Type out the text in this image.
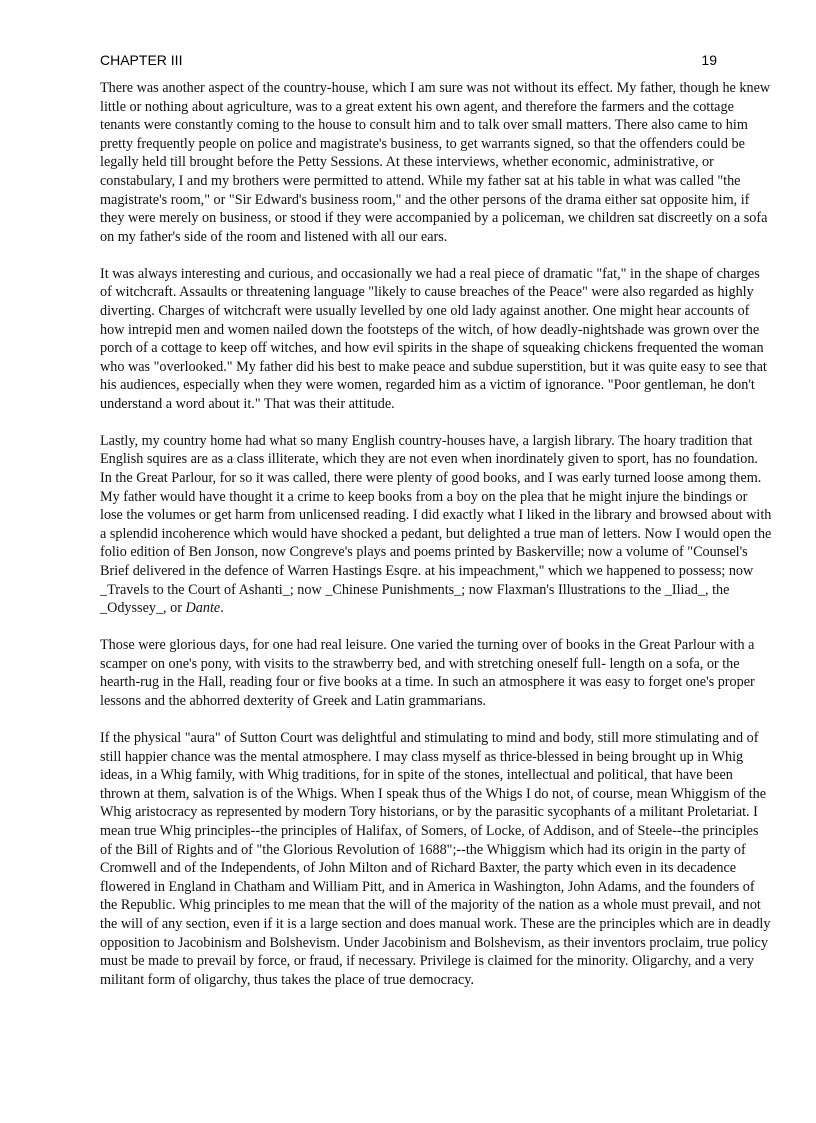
CHAPTER III	19

There was another aspect of the country-house, which I am sure was not without its effect. My father, though he knew little or nothing about agriculture, was to a great extent his own agent, and therefore the farmers and the cottage tenants were constantly coming to the house to consult him and to talk over small matters. There also came to him pretty frequently people on police and magistrate's business, to get warrants signed, so that the offenders could be legally held till brought before the Petty Sessions. At these interviews, whether economic, administrative, or constabulary, I and my brothers were permitted to attend. While my father sat at his table in what was called "the magistrate's room," or "Sir Edward's business room," and the other persons of the drama either sat opposite him, if they were merely on business, or stood if they were accompanied by a policeman, we children sat discreetly on a sofa on my father's side of the room and listened with all our ears.

It was always interesting and curious, and occasionally we had a real piece of dramatic "fat," in the shape of charges of witchcraft. Assaults or threatening language "likely to cause breaches of the Peace" were also regarded as highly diverting. Charges of witchcraft were usually levelled by one old lady against another. One might hear accounts of how intrepid men and women nailed down the footsteps of the witch, of how deadly-nightshade was grown over the porch of a cottage to keep off witches, and how evil spirits in the shape of squeaking chickens frequented the woman who was "overlooked." My father did his best to make peace and subdue superstition, but it was quite easy to see that his audiences, especially when they were women, regarded him as a victim of ignorance. "Poor gentleman, he don't understand a word about it." That was their attitude.

Lastly, my country home had what so many English country-houses have, a largish library. The hoary tradition that English squires are as a class illiterate, which they are not even when inordinately given to sport, has no foundation. In the Great Parlour, for so it was called, there were plenty of good books, and I was early turned loose among them. My father would have thought it a crime to keep books from a boy on the plea that he might injure the bindings or lose the volumes or get harm from unlicensed reading. I did exactly what I liked in the library and browsed about with a splendid incoherence which would have shocked a pedant, but delighted a true man of letters. Now I would open the folio edition of Ben Jonson, now Congreve's plays and poems printed by Baskerville; now a volume of "Counsel's Brief delivered in the defence of Warren Hastings Esqre. at his impeachment," which we happened to possess; now _Travels to the Court of Ashanti_; now _Chinese Punishments_; now Flaxman's Illustrations to the _Iliad_, the _Odyssey_, or Dante.

Those were glorious days, for one had real leisure. One varied the turning over of books in the Great Parlour with a scamper on one's pony, with visits to the strawberry bed, and with stretching oneself full- length on a sofa, or the hearth-rug in the Hall, reading four or five books at a time. In such an atmosphere it was easy to forget one's proper lessons and the abhorred dexterity of Greek and Latin grammarians.

If the physical "aura" of Sutton Court was delightful and stimulating to mind and body, still more stimulating and of still happier chance was the mental atmosphere. I may class myself as thrice-blessed in being brought up in Whig ideas, in a Whig family, with Whig traditions, for in spite of the stones, intellectual and political, that have been thrown at them, salvation is of the Whigs. When I speak thus of the Whigs I do not, of course, mean Whiggism of the Whig aristocracy as represented by modern Tory historians, or by the parasitic sycophants of a militant Proletariat. I mean true Whig principles--the principles of Halifax, of Somers, of Locke, of Addison, and of Steele--the principles of the Bill of Rights and of "the Glorious Revolution of 1688";--the Whiggism which had its origin in the party of Cromwell and of the Independents, of John Milton and of Richard Baxter, the party which even in its decadence flowered in England in Chatham and William Pitt, and in America in Washington, John Adams, and the founders of the Republic. Whig principles to me mean that the will of the majority of the nation as a whole must prevail, and not the will of any section, even if it is a large section and does manual work. These are the principles which are in deadly opposition to Jacobinism and Bolshevism. Under Jacobinism and Bolshevism, as their inventors proclaim, true policy must be made to prevail by force, or fraud, if necessary. Privilege is claimed for the minority. Oligarchy, and a very militant form of oligarchy, thus takes the place of true democracy.
